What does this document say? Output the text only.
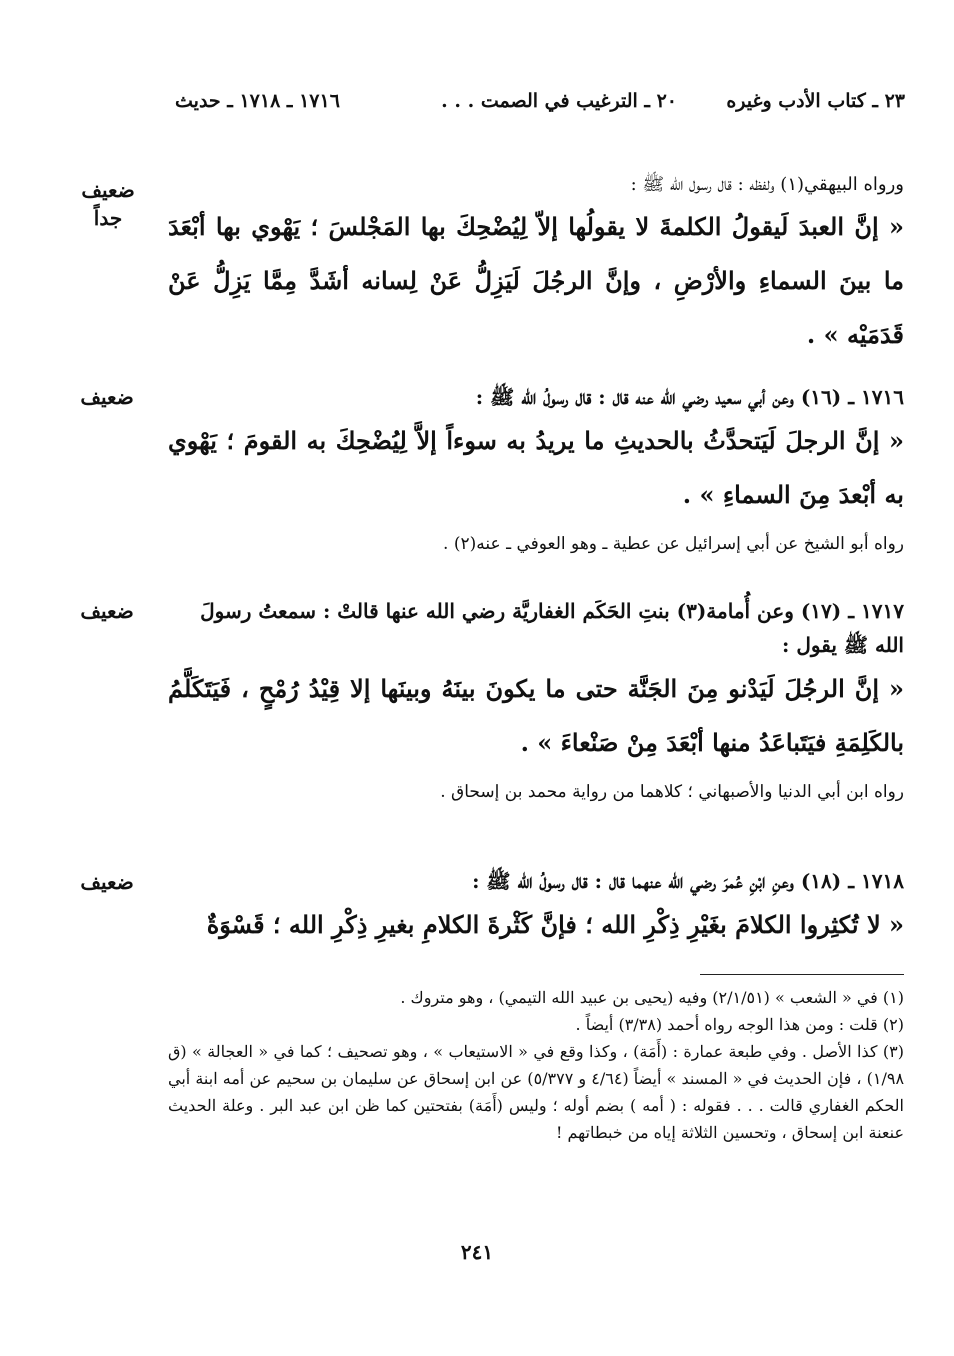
٢٣ ـ كتاب الأدب وغيره
٢٠ ـ الترغيب في الصمت . . .
١٧١٦ ـ ١٧١٨ ـ حديث
ضعيف جداً
ورواه البيهقي(١) ولفظه : قال رسول الله ﷺ :
« إنَّ العبدَ لَيقولُ الكلمةَ لا يقولُها إلاّ لِيُضْحِكَ بها المَجْلسَ ؛ يَهْوي بها أبْعَدَ ما بينَ السماءِ والأرْضِ ، وإنَّ الرجُلَ لَيَزِلُّ عَنْ لِسانه أشَدَّ مِمَّا يَزِلُّ عَنْ قَدَمَيْه » .
ضعيف	١٧١٦ ـ (١٦) وعن أبي سعيد رضي الله عنه قال : قال رسولُ الله ﷺ :
« إنَّ الرجلَ لَيَتحدَّثُ بالحديثِ ما يريدُ به سوءاً إلاَّ لِيُضْحِكَ به القومَ ؛ يَهْوي به أبْعدَ مِنَ السماءِ » .
رواه أبو الشيخ عن أبي إسرائيل عن عطية ـ وهو العوفي ـ عنه(٢) .
ضعيف	١٧١٧ ـ (١٧) وعن أُمامة(٣) بنتِ الحَكَم الغفاريَّة رضي الله عنها قالتْ : سمعتُ رسولَ الله ﷺ يقول :
« إنَّ الرجُلَ لَيَدْنو مِنَ الجَنَّة حتى ما يكونَ بينَهُ وبينَها إلا قِيْدُ رُمْحٍ ، فَيَتَكَلَّمُ بالكَلِمَةِ فيَتَباعَدُ منها أبْعَدَ مِنْ صَنْعاءَ » .
رواه ابن أبي الدنيا والأصبهاني ؛ كلاهما من رواية محمد بن إسحاق .
ضعيف	١٧١٨ ـ (١٨) وعنِ ابْنِ عُمرَ رضي الله عنهما قال : قال رسولُ الله ﷺ :
« لا تُكثِروا الكلامَ بغَيْرِ ذِكْرِ الله ؛ فإنَّ كَثْرةَ الكلامِ بغيرِ ذِكْرِ الله ؛ قَسْوَةٌ
(١) في « الشعب » (٢/١/٥١) وفيه (يحيى بن عبيد الله التيمي) ، وهو متروك .
(٢) قلت : ومن هذا الوجه رواه أحمد (٣/٣٨) أيضاً .
(٣) كذا الأصل . وفي طبعة عمارة : (أَمَة) ، وكذا وقع في « الاستيعاب » ، وهو تصحيف ؛ كما في « العجالة » (ق ١/٩٨) ، فإن الحديث في « المسند » أيضاً (٤/٦٤ و ٥/٣٧٧) عن ابن إسحاق عن سليمان بن سحيم عن أمه ابنة أبي الحكم الغفاري قالت . . . فقوله : ( أمه ) بضم أوله ؛ وليس (أَمَة) بفتحتين كما ظن ابن عبد البر . وعلة الحديث عنعنة ابن إسحاق ، وتحسين الثلاثة إياه من خبطاتهم !
٢٤١
